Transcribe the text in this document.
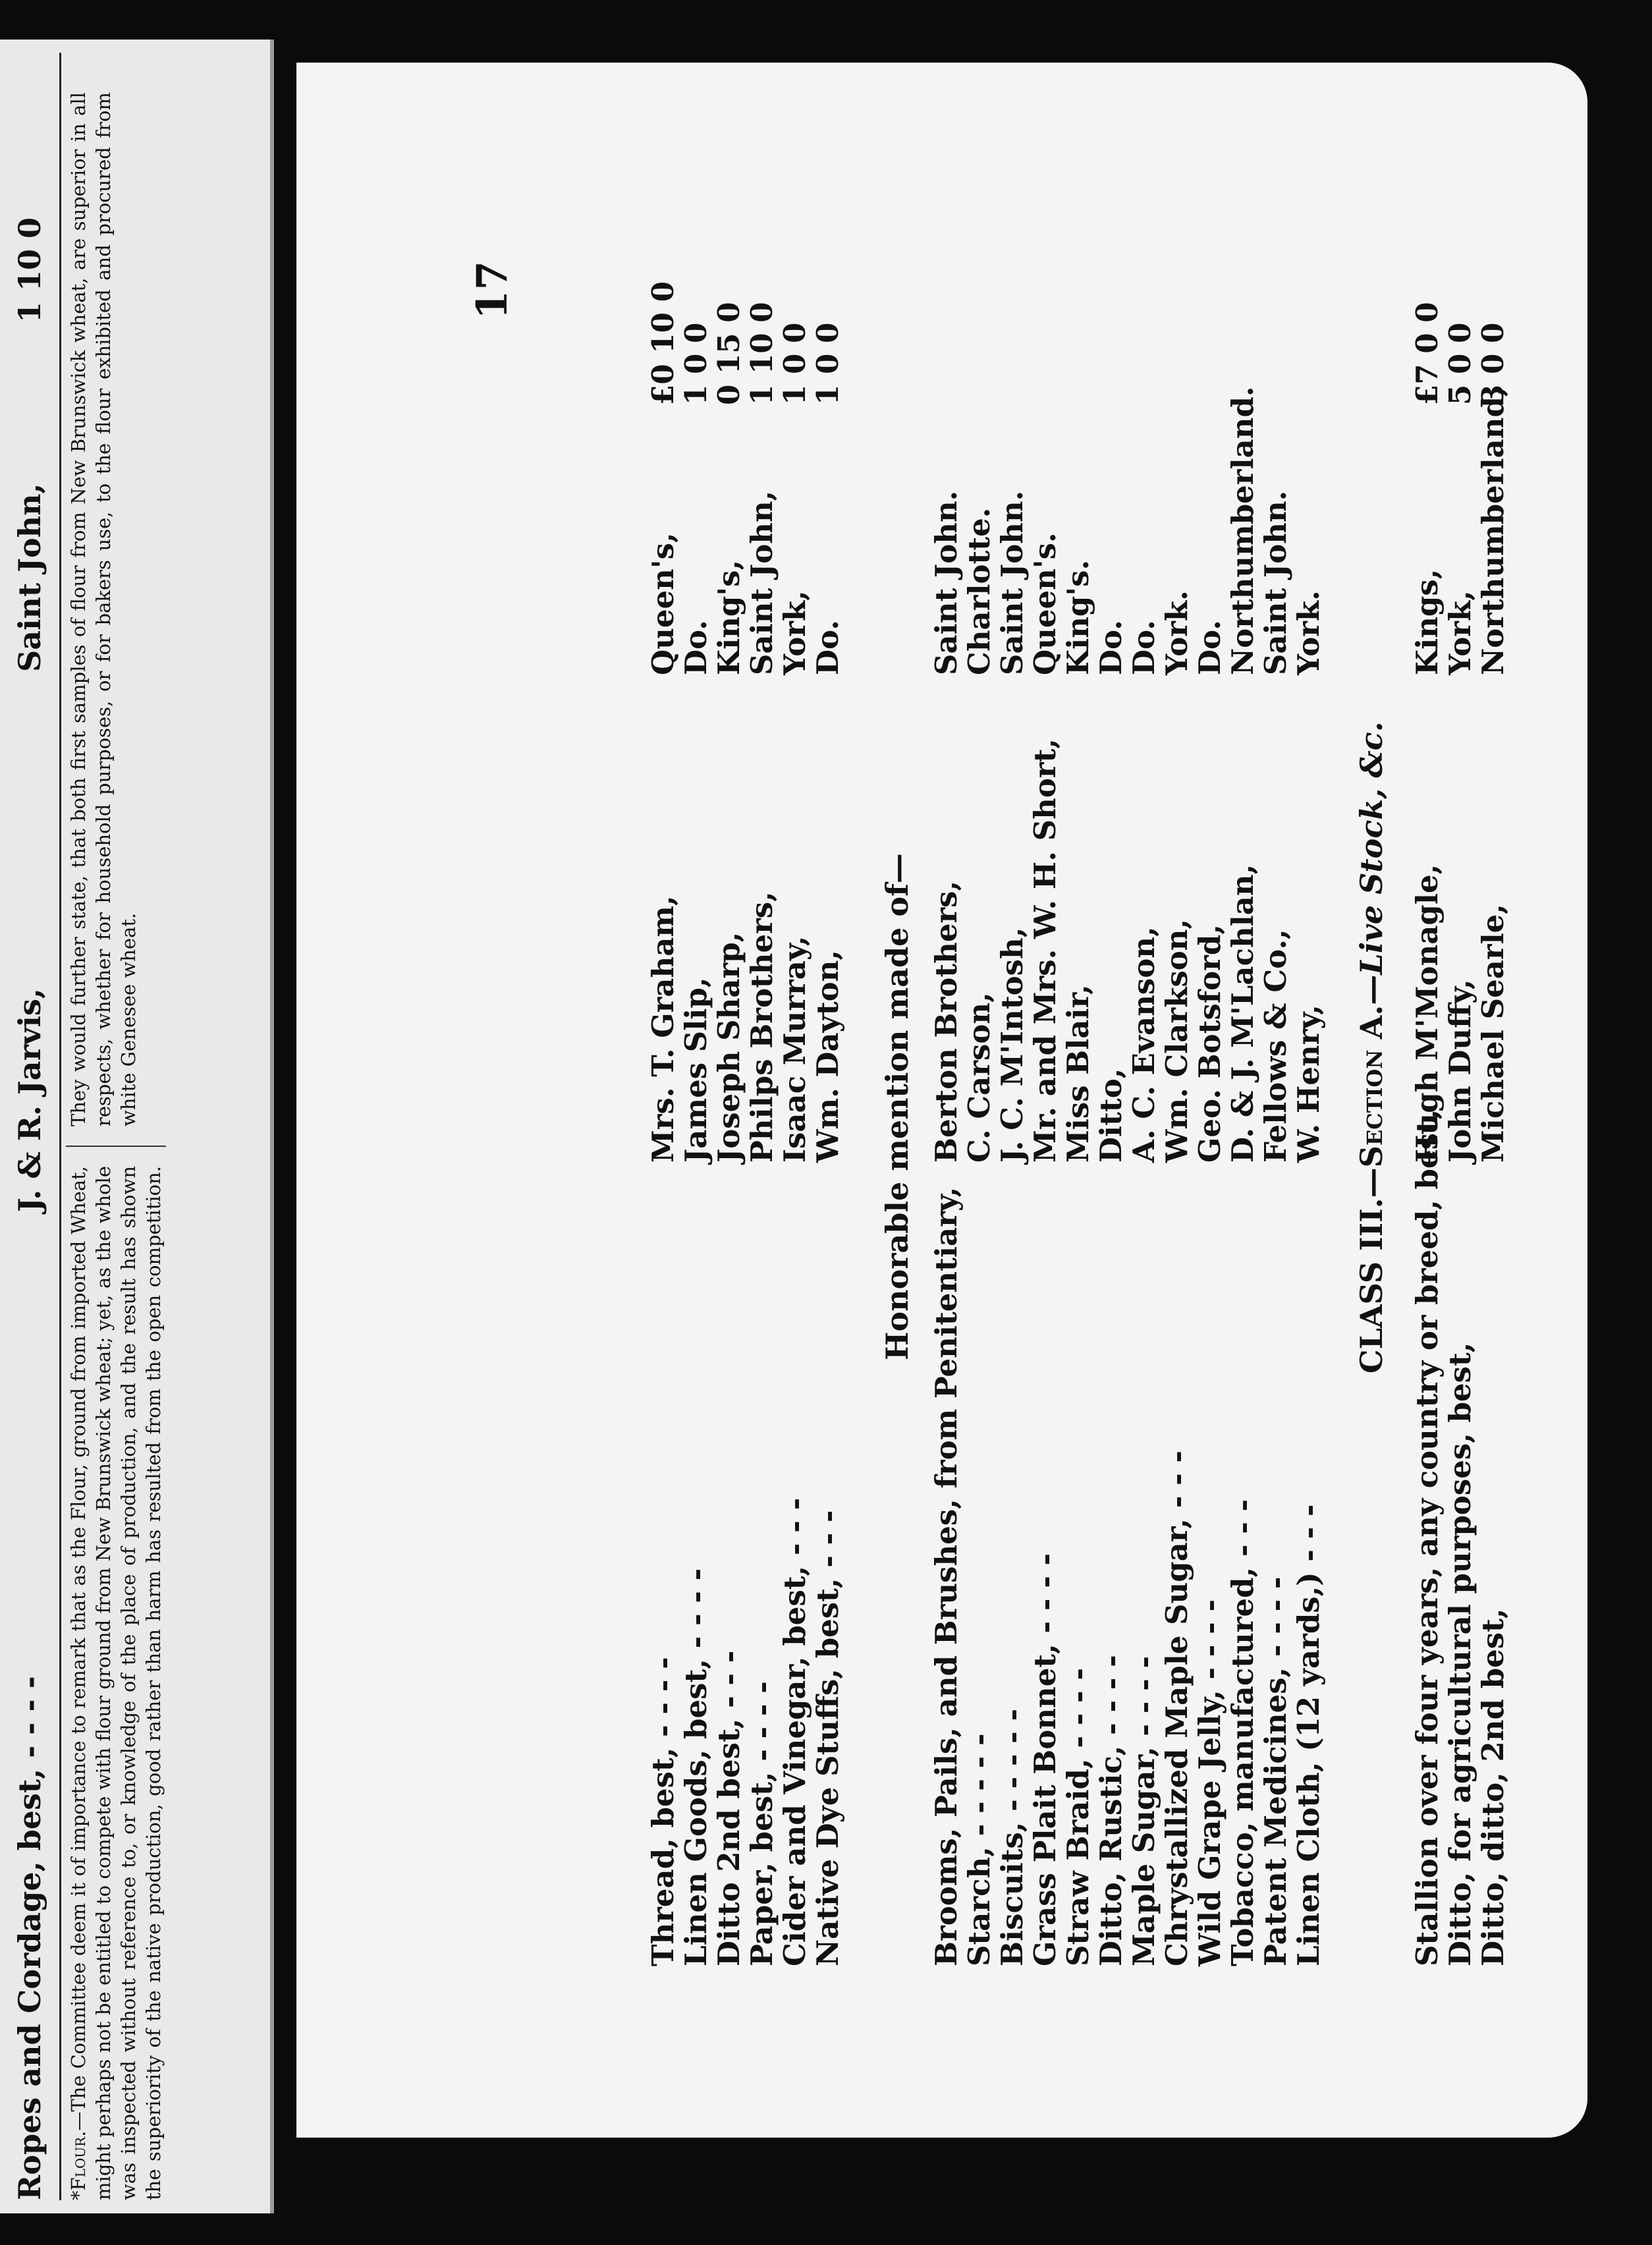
Ropes and Cordage, best, - - - -
J. & R. Jarvis,
Saint John,
1 10 0
*Flour.—The Committee deem it of importance to remark that as the Flour, ground from imported Wheat, might perhaps not be entitled to compete with flour ground from New Brunswick wheat; yet, as the whole was inspected without reference to, or knowledge of the place of production, and the result has shown the superiority of the native production, good rather than harm has resulted from the open competition. They would further state, that both first samples of flour from New Brunswick wheat, are superior in all respects, whether for household purposes, or for bakers use, to the flour exhibited and procured from white Genesee wheat.
17
Thread, best, - - - -
Mrs. T. Graham,
Queen's,
£0 10 0
Linen Goods, best, - - - -
James Slip,
Do.
1 0 0
Ditto 2nd best, - - -
Joseph Sharp,
King's,
0 15 0
Paper, best, - - - -
Philps Brothers,
Saint John,
1 10 0
Cider and Vinegar, best, - - -
Isaac Murray,
York,
1 0 0
Native Dye Stuffs, best, - - -
Wm. Dayton,
Do.
1 0 0
Honorable mention made of—
Brooms, Pails, and Brushes, from Penitentiary,
Berton Brothers,
Saint John.
Starch, - - - - -
C. Carson,
Charlotte.
Biscuits, - - - - -
J. C. M'Intosh,
Saint John.
Grass Plait Bonnet, - - - -
Mr. and Mrs. W. H. Short,
Queen's.
Straw Braid, - - - -
Miss Blair,
King's.
Ditto, Rustic, - - - -
Ditto,
Do.
Maple Sugar, - - - -
A. C. Evanson,
Do.
Chrystallized Maple Sugar, - - -
Wm. Clarkson,
York.
Wild Grape Jelly, - - - -
Geo. Botsford,
Do.
Tobacco, manufactured, - - -
D. & J. M'Lachlan,
Northumberland.
Patent Medicines, - - - -
Fellows & Co.,
Saint John.
Linen Cloth, (12 yards,) - - -
W. Henry,
York.
CLASS III.—Section A.—Live Stock, &c.
Stallion over four years, any country or breed, best,
Hugh M'Monagle,
Kings,
£7 0 0
Ditto, for agricultural purposes, best,
John Duffy,
York,
5 0 0
Ditto, ditto, 2nd best,
Michael Searle,
Northumberland,
3 0 0
